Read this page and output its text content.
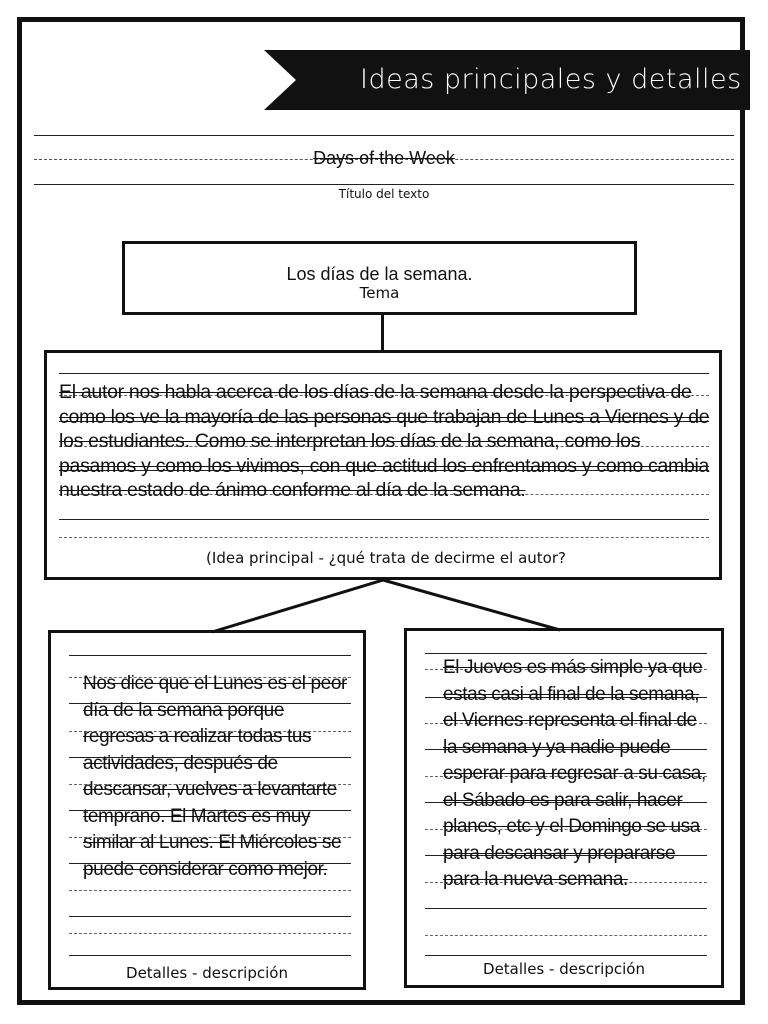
Ideas principales y detalles
Days of the Week
Título del texto
Los días de la semana.
Tema
El autor nos habla acerca de los días de la semana desde la perspectiva de como los ve la mayoría de las personas que trabajan de Lunes a Viernes y de los estudiantes. Como se interpretan los días de la semana, como los pasamos y como los vivimos, con que actitud los enfrentamos y como cambia nuestra estado de ánimo conforme al día de la semana.
(Idea principal - ¿qué trata de decirme el autor?
Nos dice que el Lunes es el peor día de la semana porque regresas a realizar todas tus actividades, después de descansar, vuelves a levantarte temprano. El Martes es muy similar al Lunes. El Miércoles se puede considerar como mejor.
Detalles - descripción
El Jueves es más simple ya que estas casi al final de la semana, el Viernes representa el final de la semana y ya nadie puede esperar para regresar a su casa, el Sábado es para salir, hacer planes, etc y el Domingo se usa para descansar y prepararse para la nueva semana.
Detalles - descripción
